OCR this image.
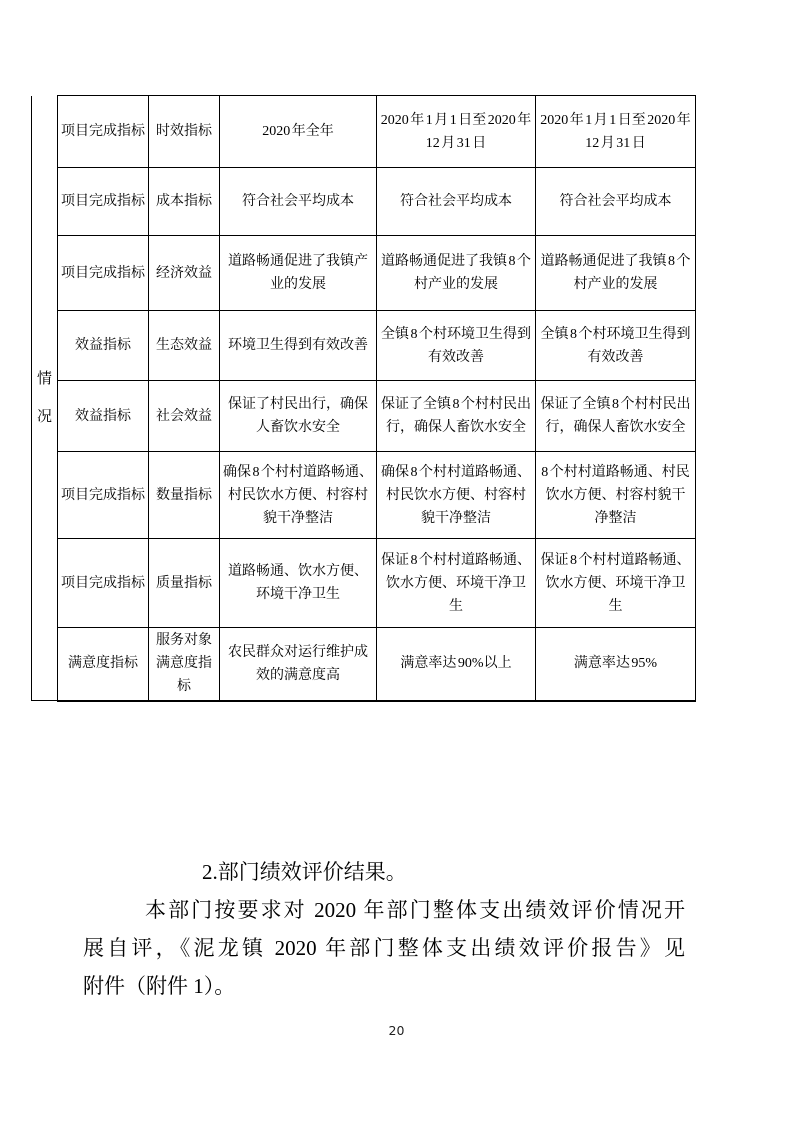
情
况	项目完成指标	时效指标	2020 年全年	2020 年 1 月 1 日至 2020 年 12 月 31 日	2020 年 1 月 1 日至 2020 年 12 月 31 日
	项目完成指标	成本指标	符合社会平均成本	符合社会平均成本	符合社会平均成本
	项目完成指标	经济效益	道路畅通促进了我镇产业的发展	道路畅通促进了我镇 8 个村产业的发展	道路畅通促进了我镇 8 个村产业的发展
	效益指标	生态效益	环境卫生得到有效改善	全镇 8 个村环境卫生得到有效改善	全镇 8 个村环境卫生得到有效改善
	效益指标	社会效益	保证了村民出行，确保人畜饮水安全	保证了全镇 8 个村村民出行，确保人畜饮水安全	保证了全镇 8 个村村民出行，确保人畜饮水安全
	项目完成指标	数量指标	确保 8 个村村道路畅通、村民饮水方便、村容村貌干净整洁	确保 8 个村村道路畅通、村民饮水方便、村容村貌干净整洁	8 个村村道路畅通、村民饮水方便、村容村貌干净整洁
	项目完成指标	质量指标	道路畅通、饮水方便、环境干净卫生	保证 8 个村村道路畅通、饮水方便、环境干净卫生	保证 8 个村村道路畅通、饮水方便、环境干净卫生
	满意度指标	服务对象满意度指标	农民群众对运行维护成效的满意度高	满意率达 90%以上	满意率达 95%
2.部门绩效评价结果。
本部门按要求对 2020 年部门整体支出绩效评价情况开
展自评，《泥龙镇 2020 年部门整体支出绩效评价报告》见
附件（附件 1）。
20
